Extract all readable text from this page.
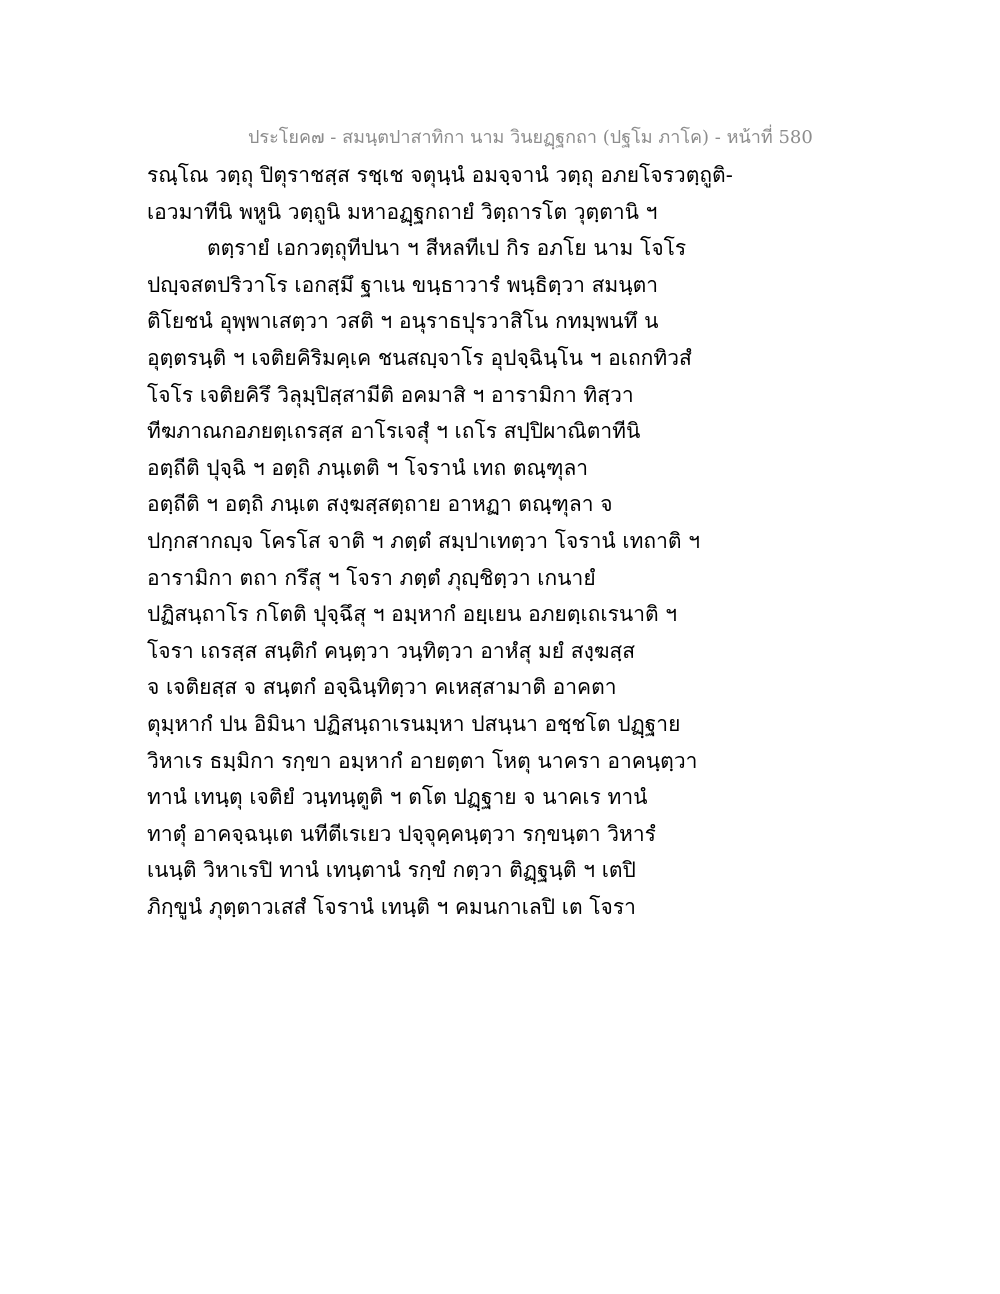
ประโยค๗ - สมนฺตปาสาทิกา นาม วินยฏฺฐกถา (ปฐโม ภาโค) - หน้าที่ 580
รณฺโณ วตฺถุ ปิตุราชสฺส รชฺเช จตุนฺนํ อมจฺจานํ วตฺถุ อภยโจรวตฺถูติ-
เอวมาทีนิ พหูนิ วตฺถูนิ มหาอฏฺฐกถายํ วิตฺถารโต วุตฺตานิ ฯ
ตตฺรายํ เอกวตฺถุทีปนา ฯ สีหลทีเป กิร อภโย นาม โจโร
ปญฺจสตปริวาโร เอกสฺมึ ฐาเน ขนฺธาวารํ พนฺธิตฺวา สมนฺตา
ติโยชนํ อุพฺพาเสตฺวา วสติ ฯ อนุราธปุรวาสิโน กทมฺพนทึ น
อุตฺตรนฺติ ฯ เจติยคิริมคฺเค ชนสญฺจาโร อุปจฺฉินฺโน ฯ อเถกทิวสํ
โจโร เจติยคิรึ วิลุมฺปิสฺสามีติ อคมาสิ ฯ อารามิกา ทิสฺวา
ทีฆภาณกอภยตฺเถรสฺส อาโรเจสุํ ฯ เถโร สปฺปิผาณิตาทีนิ
อตฺถีติ ปุจฺฉิ ฯ อตฺถิ ภนฺเตติ ฯ โจรานํ เทถ ตณฺฑุลา
อตฺถีติ ฯ อตฺถิ ภนฺเต สงฺฆสฺสตฺถาย อาหฏา ตณฺฑุลา จ
ปกฺกสากญฺจ โครโส จาติ ฯ ภตฺตํ สมฺปาเทตฺวา โจรานํ เทถาติ ฯ
อารามิกา ตถา กรึสุ ฯ โจรา ภตฺตํ ภุญฺชิตฺวา เกนายํ
ปฏิสนฺถาโร กโตติ ปุจฺฉึสุ ฯ อมฺหากํ อยฺเยน อภยตฺเถเรนาติ ฯ
โจรา เถรสฺส สนฺติกํ คนฺตฺวา วนฺทิตฺวา อาหํสุ มยํ สงฺฆสฺส
จ เจติยสฺส จ สนฺตกํ อจฺฉินฺทิตฺวา คเหสฺสามาติ อาคตา
ตุมฺหากํ ปน อิมินา ปฏิสนฺถาเรนมฺหา ปสนฺนา อชฺชโต ปฏฺฐาย
วิหาเร ธมฺมิกา รกฺขา อมฺหากํ อายตฺตา โหตุ นาครา อาคนฺตฺวา
ทานํ เทนฺตุ เจติยํ วนฺทนฺตูติ ฯ ตโต ปฏฺฐาย จ นาคเร ทานํ
ทาตุํ อาคจฺฉนฺเต นทีตีเรเยว ปจฺจุคฺคนฺตฺวา รกฺขนฺตา วิหารํ
เนนฺติ วิหาเรปิ ทานํ เทนฺตานํ รกฺขํ กตฺวา ติฏฺฐนฺติ ฯ เตปิ
ภิกฺขูนํ ภุตฺตาวเสสํ โจรานํ เทนฺติ ฯ คมนกาเลปิ เต โจรา
